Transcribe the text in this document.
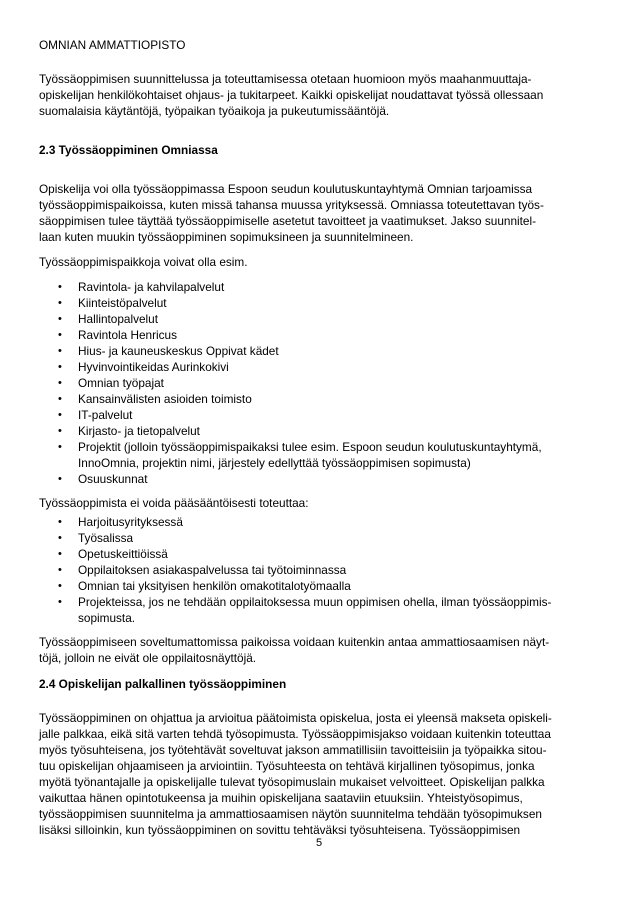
OMNIAN AMMATTIOPISTO
Työssäoppimisen suunnittelussa ja toteuttamisessa otetaan huomioon myös maahanmuuttaja-
opiskelijan henkilökohtaiset ohjaus- ja tukitarpeet. Kaikki opiskelijat noudattavat työssä ollessaan
suomalaisia käytäntöjä, työpaikan työaikoja ja pukeutumissääntöjä.
2.3 Työssäoppiminen Omniassa
Opiskelija voi olla työssäoppimassa Espoon seudun koulutuskuntayhtymä Omnian tarjoamissa
työssäoppimispaikoissa, kuten missä tahansa muussa yrityksessä. Omniassa toteutettavan työs-
säoppimisen tulee täyttää työssäoppimiselle asetetut tavoitteet ja vaatimukset. Jakso suunnitel-
laan kuten muukin työssäoppiminen sopimuksineen ja suunnitelmineen.
Työssäoppimispaikkoja voivat olla esim.
• Ravintola- ja kahvilapalvelut
• Kiinteistöpalvelut
• Hallintopalvelut
• Ravintola Henricus
• Hius- ja kauneuskeskus Oppivat kädet
• Hyvinvointikeidas Aurinkokivi
• Omnian työpajat
• Kansainvälisten asioiden toimisto
• IT-palvelut
• Kirjasto- ja tietopalvelut
• Projektit (jolloin työssäoppimispaikaksi tulee esim. Espoon seudun koulutuskuntayhtymä,
InnoOmnia, projektin nimi, järjestely edellyttää työssäoppimisen sopimusta)
• Osuuskunnat
Työssäoppimista ei voida pääsääntöisesti toteuttaa:
• Harjoitusyrityksessä
• Työsalissa
• Opetuskeittiöissä
• Oppilaitoksen asiakaspalvelussa tai työtoiminnassa
• Omnian tai yksityisen henkilön omakotitalotyömaalla
• Projekteissa, jos ne tehdään oppilaitoksessa muun oppimisen ohella, ilman työssäoppimis-
sopimusta.
Työssäoppimiseen soveltumattomissa paikoissa voidaan kuitenkin antaa ammattiosaamisen näyt-
töjä, jolloin ne eivät ole oppilaitosnäyttöjä.
2.4 Opiskelijan palkallinen työssäoppiminen
Työssäoppiminen on ohjattua ja arvioitua päätoimista opiskelua, josta ei yleensä makseta opiskeli-
jalle palkkaa, eikä sitä varten tehdä työsopimusta. Työssäoppimisjakso voidaan kuitenkin toteuttaa
myös työsuhteisena, jos työtehtävät soveltuvat jakson ammatillisiin tavoitteisiin ja työpaikka sitou-
tuu opiskelijan ohjaamiseen ja arviointiin. Työsuhteesta on tehtävä kirjallinen työsopimus, jonka
myötä työnantajalle ja opiskelijalle tulevat työsopimuslain mukaiset velvoitteet. Opiskelijan palkka
vaikuttaa hänen opintotukeensa ja muihin opiskelijana saataviin etuuksiin. Yhteistyösopimus,
työssäoppimisen suunnitelma ja ammattiosaamisen näytön suunnitelma tehdään työsopimuksen
lisäksi silloinkin, kun työssäoppiminen on sovittu tehtäväksi työsuhteisena. Työssäoppimisen
5
